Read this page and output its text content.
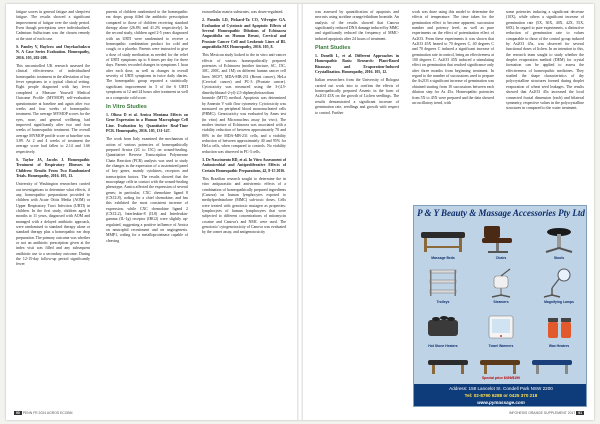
fatigue scores in general fatigue and sleep/rest fatigue. The results showed a significant improvement of fatigue over the study period. Even though perceptions were individualised, Cadmium Sulfuricum was the chosen remedy at the start of each case.

S. Pandey V, Haylcow and Onyekachukwu N. A Case Series Evaluation. Homeopathy, 2016. 105, 202-208.

This uncontrolled UK research assessed the clinical effectiveness of individualised homeopathic treatment in the alleviation of hay fever symptoms in a typical clinical setting. Eight people diagnosed with hay fever completed a Measure Yourself Medical Outcome Profile (MYMOP) self-evaluation questionnaire at baseline and again after two weeks and four weeks of homeopathic treatment. The average MYMOP scores for the eyes, nose, and general wellbeing had improved significantly after two and four weeks of homeopathic treatment. The overall average MYMOP profile score at baseline was 3.89. At 2 and 4 weeks of treatment the average score had fallen to 2.14 and 1.66 respectively.

S. Taylor JA, Jacobs J. Homeopathic Treatment of Respiratory Illnesses in Children: Results From Two Randomized Trials. Homeopathy, 2016. 105, 13.

University of Washington researchers carried out investigations to determine what effects, if any, homeopathic preparations provided to children with Acute Otitis Media (AOM) or Upper Respiratory Tract Infection (URTI) in children. In the first study, children aged 6 months to 11 years, diagnosed with AOM and managed with a delayed antibiotic approach, were randomised to standard therapy alone or standard therapy plus a homeopathic ear drop preparation. The primary outcome was whether or not an antibiotic prescription given at the index visit was filled and any subsequent antibiotic use to a secondary outcome. During the 12-15-day follow-up period significantly fewer

parents of children randomised to the homeopathic ear drops group filled the antibiotic prescription compared to those of children receiving standard therapy alone (26.8% and 41.2% respectively). In the second study, children aged 2-5 years diagnosed with an URTI were randomised to receive a homeopathic combination product for cold and cough, or a placebo. Parents were instructed to give a dose of study medication as needed for the relief of URTI symptoms up to 6 times per day for three days. Parents recorded changes in symptoms 1 hour after each dose, as well as changes in overall severity of URTI symptoms in twice daily diaries. The homeopathic group reported a statistically significant improvement in 5 of the 6 URTI symptoms at 12 and 24 hours after treatment as well as a composite cold score.

In Vitro Studies

1. Olioso D et al. Arnica Montana Effects on Gene Expression in a Human Macrophage Cell Line. Evaluation by Quantitative Real-Time PCR. Homeopathy, 2016. 105, 131-147.

The work from Italy examined the mechanism of action of various potencies of homeopathically prepared Arnica (2C to 15C) on wound-healing. Quantitative Reverse Transcription Polymerase Chain Reaction (PCR) analysis was used to study the changes in the expression of a customized panel of key genes, mainly cytokines, receptors and transcription factors. The results showed that the macrophage cells in contact with the wound-healing phenotype, Arnica affected the expression of several genes; in particular, CXC chemokine ligand 8 (CXCL8), coding for a chief chemokine, and has this exhibited the most consistent increase of expression, while CXC chemokine ligand 2 (CXCL2), Interleukin-8 (IL8) and Interleukin-gamma (IL-1g) receptor (IRG2) were slightly up-regulated, suggesting a positive influence of Arnica on neutrophil recruitment and on angiogenesis. MMP1, coding for a metalloproteinase capable of cleaving

extracellular matrix substrates, was down-regulated.

2. Paradis LD, Pickard-Ta CO, Vil-regier GA. Evaluation of Cytotoxic and Apoptotic Effects of Several Homeopathic Dilutions of Echinacea Angustifolia on Human Breast, Cervical and Prostate Cancer Cell and Leukemic Lines of BL angustifolia MX Homeopathy, 2016. 105, 8.

This Mexican study looked to the in vitro anti-cancer effects of various homeopathically prepared potencies of Echinacea (mother tincture, 6C, 15C, 30C, 200C, and 1M) on different human cancer cell lines: MCF7, MDA-MB-231 (Breast cancer), HeLa (Cervical cancer) and PC-3 (Prostate cancer). Cytotoxicity was measured using the 3-(4,5-dimethylthiazol-2-yl)-2,5-diphenyltetrazolium bromide (MTT) method. Apoptosis was determined by Annexin V with flow cytometry. Cytotoxicity was measured on peripheral blood mononucleated cells (PBMC). Genotoxicity was evaluated by Ames test (in vitro) and Micronucleus assay (in vivo). The mother tincture of Echinacea was associated with a viability reduction of between approximately 70 and 80% in the MDA-MB-231 cells, and a viability reduction of between approximately 40 and 95% for HeLa cells, when compared to controls. No viability reduction was observed in PC-3 cells.

3. De Nascimento BD, et al. In Vitro Assessment of Antimicrobial and Antiproliferative Effects of Certain Homeopathic Preparations, 42, 8-15 2016.

This Brazilian research sought to determine the in vitro antiparasitic and antiviremic effects of a combination of homeopathically prepared ingredients (Canova) on human lymphocytes exposed to methylprednisolone (MMC) sub-toxic doses. Cells were treated with genotoxic mutagen as properties: lymphocytes of human lymphocytes that were subjected to different concentrations of mitomycin cocaine and Canova's and NMC were used. The genotoxic/ cytogenotoxicity of Canova was evaluated by the comet assay, and antigenotoxicity

was assessed by quantification of apoptosis and necrosis using acridine orange/ethidium bromide. An analysis of the results showed that Canova significantly reduced DNA damage induced by MMC and significantly reduced the frequency of MMC-induced apoptosis after 24 hours of treatment.

Plant Studies

1. Donelli L, et al. Different Approaches in Homeopathic Basis: Research: Plant-Based Bioassays and Evaporation-Induced Crystallization. Homeopathy, 2016. 105, 12.

Italian researchers from the University of Bologna carried out work into to confirm the effects of homeopathically prepared Arsenic in the form of As2O3 45X on the growth of Lichen seedlings. The results demonstrated a significant increase of germination rate, seedlings and growth with respect to control. Further

work was done using this model to determine the effects of temperature. The time taken for the germination effect to become apparent, succussion number and potency level, as well as pure experiments on the effect of potentisation effect of As2O3. From these experiments it was shown that As2O3 45X heated to 70 degrees C, 40 degrees C and 70 degrees C induced a significant increase of germination rate in control, being an effectiveness at 100 degrees C. As2O3 45X induced a stimulating effect on germination that reached significance only after three months from beginning treatment. In regard to the number of succussions used to prepare the As2O3 a significant increase of germination was obtained starting from 10 succussions between each dilution step for As 45x. Homeopathic potencies from 5X to 45X were prepared and the data showed an oscillatory trend, with

some potencies inducing a significant decrease (10X), while others a significant increase of germination rate (5X, 30X, 40X, 42X, 55X, 60X). In regard to pure experiments, a distinctive reduction of germination rate to values comparable to those of the control group induced by As2O3 45x, was observed for several functional doses of lichen. In an intention to this, the research team sought to study whether the droplet evaporation method (DEM) for crystal formation can be applied to assess the effectiveness of homeopathic medicines. They studied the shape characteristics of dry polycrystalline structures formed during droplet evaporation of wheat seed leakages. The results showed that As2O3 45x increased the local connected fractal dimension (each) and bilateral symmetry, respective values in the polycrystalline structures in compared to the water treatment.

P & Y Beauty & Massage Accessories Pty Ltd
Massage Beds	Chairs	Stools
Trolleys	Steamers	Magnifying Lamps
Hot Stone Heaters	Towel Warmers	Wax Heaters
Special price $499/$199
Address: 158 Lancelot St. Condell Park NSW 2200
Tel: 02-8790 6288 or 0425 370 218
www.pymassage.com
90 PENN FR 2024 AGROS ECOBM	INFOHESIS ORANGE SUPPLEMENT 2017 91
